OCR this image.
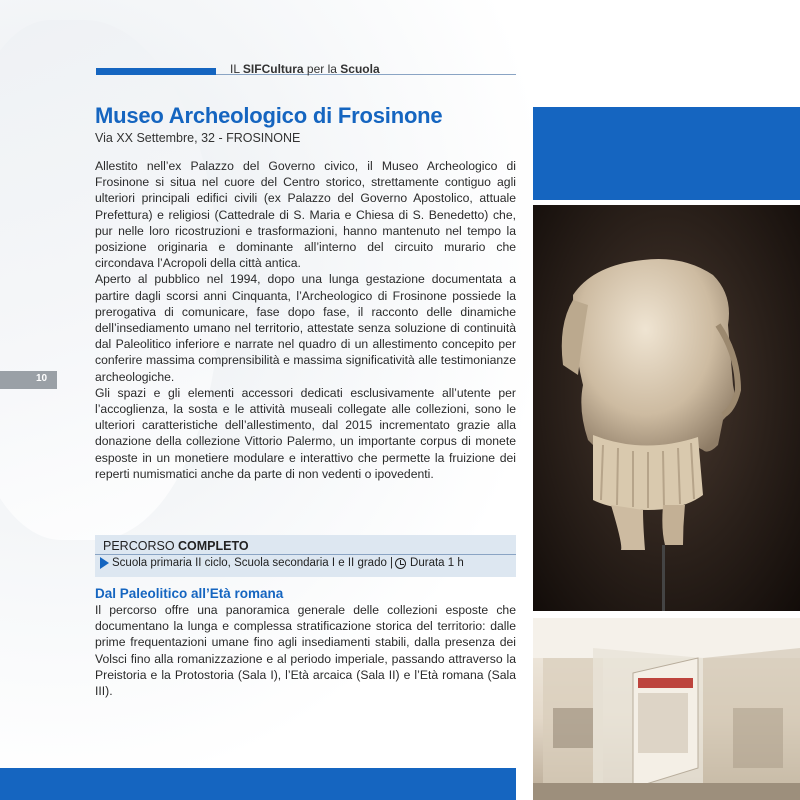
IL SIFCultura per la Scuola
10
Museo Archeologico di Frosinone
Via XX Settembre, 32 - FROSINONE

Allestito nell’ex Palazzo del Governo civico, il Museo Archeologico di Frosinone si situa nel cuore del Centro storico, strettamente contiguo agli ulteriori principali edifici civili (ex Palazzo del Governo Apostolico, attuale Prefettura) e religiosi (Cattedrale di S. Maria e Chiesa di S. Benedetto) che, pur nelle loro ricostruzioni e trasformazioni, hanno mantenuto nel tempo la posizione originaria e dominante all’interno del circuito murario che circondava l’Acropoli della città antica.

Aperto al pubblico nel 1994, dopo una lunga gestazione documentata a partire dagli scorsi anni Cinquanta, l’Archeologico di Frosinone possiede la prerogativa di comunicare, fase dopo fase, il racconto delle dinamiche dell’insediamento umano nel territorio, attestate senza soluzione di continuità dal Paleolitico inferiore e narrate nel quadro di un allestimento concepito per conferire massima comprensibilità e massima significatività alle testimonianze archeologiche.

Gli spazi e gli elementi accessori dedicati esclusivamente all’utente per l’accoglienza, la sosta e le attività museali collegate alle collezioni, sono le ulteriori caratteristiche dell’allestimento, dal 2015 incrementato grazie alla donazione della collezione Vittorio Palermo, un importante corpus di monete esposte in un monetiere modulare e interattivo che permette la fruizione dei reperti numismatici anche da parte di non vedenti o ipovedenti.

PERCORSO COMPLETO
Scuola primaria II ciclo, Scuola secondaria I e II grado | Durata 1 h
Dal Paleolitico all’Età romana
Il percorso offre una panoramica generale delle collezioni esposte che documentano la lunga e complessa stratificazione storica del territorio: dalle prime frequentazioni umane fino agli insediamenti stabili, dalla presenza dei Volsci fino alla romanizzazione e al periodo imperiale, passando attraverso la Preistoria e la Protostoria (Sala I), l’Età arcaica (Sala II) e l’Età romana (Sala III).
